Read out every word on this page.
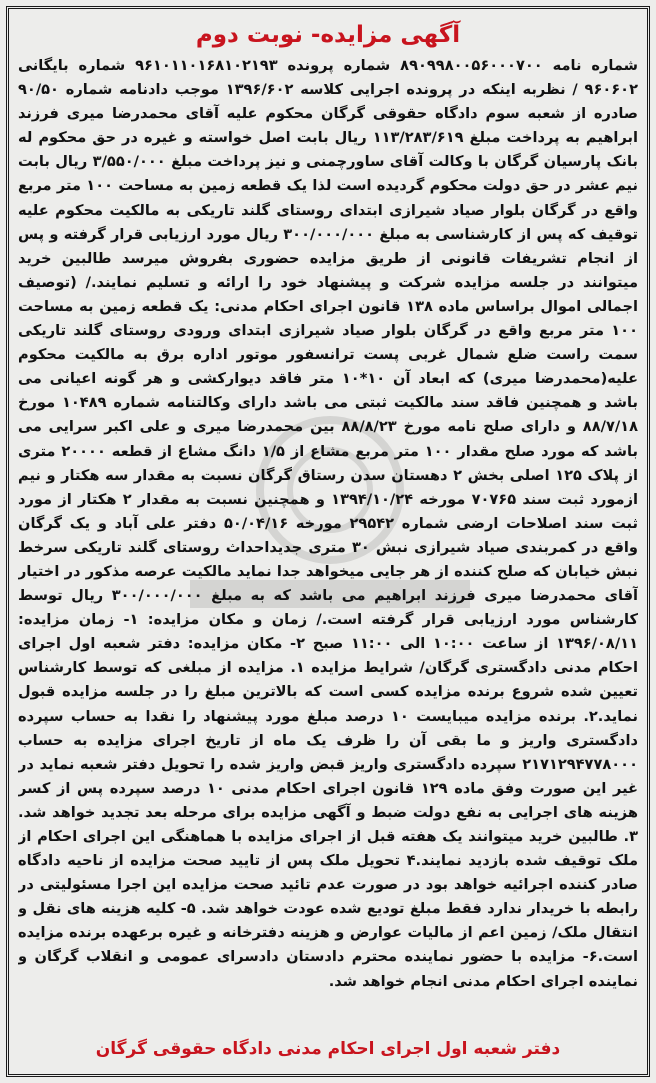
آگهی مزایده- نوبت دوم

شماره نامه ۸۹۰۹۹۸۰۰۵۶۰۰۰۷۰۰ شماره پرونده ۹۶۱۰۱۱۰۱۶۸۱۰۲۱۹۳ شماره بایگانی ۹۶۰۶۰۲ / نظربه اینکه در پرونده اجرایی کلاسه ۱۳۹۶/۶۰۲ موجب دادنامه شماره ۹۰/۵۰ صادره از شعبه سوم دادگاه حقوقی گرگان محکوم علیه آقای محمدرضا میری فرزند ابراهیم به پرداخت مبلغ ۱۱۳/۲۸۳/۶۱۹ ریال بابت اصل خواسته و غیره در حق محکوم له بانک پارسیان گرگان با وکالت آقای ساورچمنی و نیز پرداخت مبلغ ۳/۵۵۰/۰۰۰ ریال بابت نیم عشر در حق دولت محکوم گردیده است لذا یک قطعه زمین به مساحت ۱۰۰ متر مربع واقع در گرگان بلوار صیاد شیرازی ابتدای روستای گلند تاریکی به مالکیت محکوم علیه توقیف که پس از کارشناسی به مبلغ ۳۰۰/۰۰۰/۰۰۰ ریال مورد ارزیابی قرار گرفته و پس از انجام تشریفات قانونی از طریق مزایده حضوری بفروش میرسد طالبین خرید میتوانند در جلسه مزایده شرکت و پیشنهاد خود را ارائه و تسلیم نمایند./ (توصیف اجمالی اموال براساس ماده ۱۳۸ قانون اجرای احکام مدنی: یک قطعه زمین به مساحت ۱۰۰ متر مربع واقع در گرگان بلوار صیاد شیرازی ابتدای ورودی روستای گلند تاریکی سمت راست ضلع شمال غربی پست ترانسفور موتور اداره برق به مالکیت محکوم علیه(محمدرضا میری) که ابعاد آن ۱۰*۱۰ متر فاقد دیوارکشی و هر گونه اعیانی می باشد و همچنین فاقد سند مالکیت ثبتی می باشد دارای وکالتنامه شماره ۱۰۴۸۹ مورخ ۸۸/۷/۱۸ و دارای صلح نامه مورخ ۸۸/۸/۲۳ بین محمدرضا میری و علی اکبر سرایی می باشد که مورد صلح مقدار ۱۰۰ متر مربع مشاع از ۱/۵ دانگ مشاع از قطعه ۲۰۰۰۰ متری از پلاک ۱۲۵ اصلی بخش ۲ دهستان سدن رستاق گرگان نسبت به مقدار سه هکتار و نیم ازمورد ثبت سند ۷۰۷۶۵ مورخه ۱۳۹۴/۱۰/۲۴ و همچنین نسبت به مقدار ۲ هکتار از مورد ثبت سند اصلاحات ارضی شماره ۲۹۵۴۲ مورخه ۵۰/۰۴/۱۶ دفتر علی آباد و یک گرگان واقع در کمربندی صیاد شیرازی نبش ۳۰ متری جدیداحداث روستای گلند تاریکی سرخط نبش خیابان که صلح کننده از هر جایی میخواهد جدا نماید مالکیت عرصه مذکور در اختیار آقای محمدرضا میری فرزند ابراهیم می باشد که به مبلغ ۳۰۰/۰۰۰/۰۰۰ ریال توسط کارشناس مورد ارزیابی قرار گرفته است./ زمان و مکان مزایده: ۱- زمان مزایده: ۱۳۹۶/۰۸/۱۱ از ساعت ۱۰:۰۰ الی ۱۱:۰۰ صبح ۲- مکان مزایده: دفتر شعبه اول اجرای احکام مدنی دادگستری گرگان/ شرایط مزایده ۱. مزایده از مبلغی که توسط کارشناس تعیین شده شروع برنده مزایده کسی است که بالاترین مبلغ را در جلسه مزایده قبول نماید.۲. برنده مزایده میبایست ۱۰ درصد مبلغ مورد پیشنهاد را نقدا به حساب سپرده دادگستری واریز و ما بقی آن را ظرف یک ماه از تاریخ اجرای مزایده به حساب ۲۱۷۱۲۹۴۷۷۸۰۰۰ سپرده دادگستری واریز قبض واریز شده را تحویل دفتر شعبه نماید در غیر این صورت وفق ماده ۱۲۹ قانون اجرای احکام مدنی ۱۰ درصد سپرده پس از کسر هزینه های اجرایی به نفع دولت ضبط و آگهی مزایده برای مرحله بعد تجدید خواهد شد. ۳. طالبین خرید میتوانند یک هفته قبل از اجرای مزایده با هماهنگی این اجرای احکام از ملک توقیف شده بازدید نمایند.۴ تحویل ملک پس از تایید صحت مزایده از ناحیه دادگاه صادر کننده اجرائیه خواهد بود در صورت عدم تائید صحت مزایده این اجرا مسئولیتی در رابطه با خریدار ندارد فقط مبلغ تودیع شده عودت خواهد شد. ۵- کلیه هزینه های نقل و انتقال ملک/ زمین اعم از مالیات عوارض و هزینه دفترخانه و غیره برعهده برنده مزایده است.۶- مزایده با حضور نماینده محترم دادستان دادسرای عمومی و انقلاب گرگان و نماینده اجرای احکام مدنی انجام خواهد شد.

دفتر شعبه اول اجرای احکام مدنی دادگاه حقوقی گرگان
